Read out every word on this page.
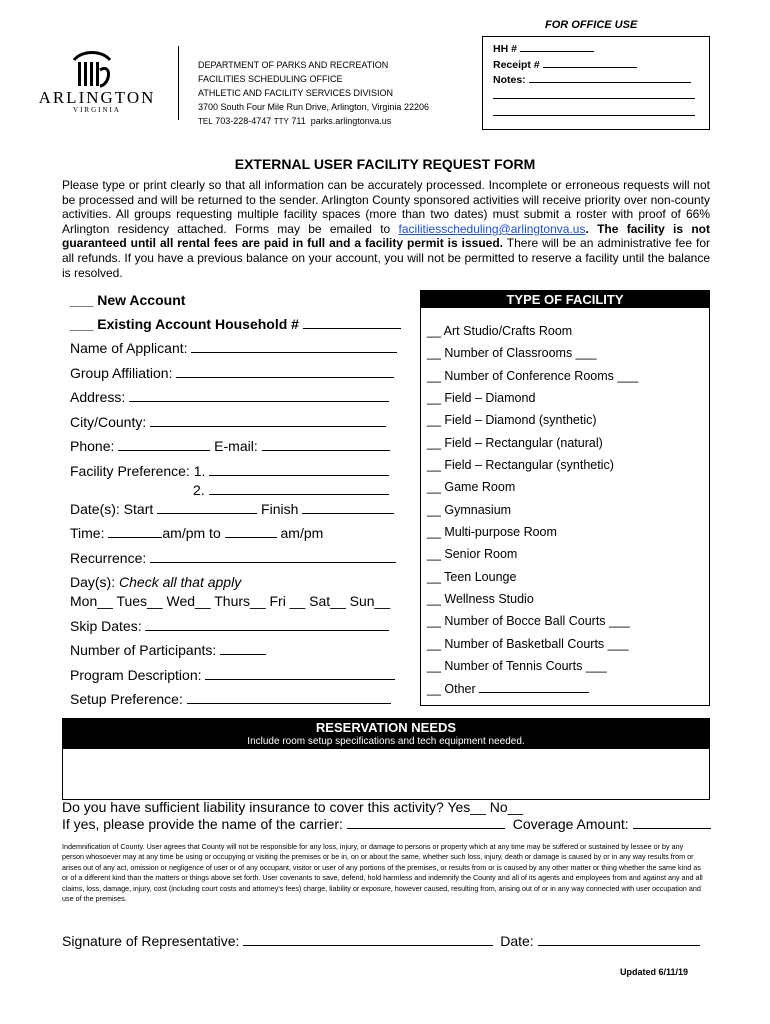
ARLINGTON
VIRGINIA
DEPARTMENT OF PARKS AND RECREATION
FACILITIES SCHEDULING OFFICE
ATHLETIC AND FACILITY SERVICES DIVISION
3700 South Four Mile Run Drive, Arlington, Virginia 22206
TEL 703-228-4747 TTY 711 parks.arlingtonva.us
FOR OFFICE USE
HH #
Receipt #
Notes:
EXTERNAL USER FACILITY REQUEST FORM
Please type or print clearly so that all information can be accurately processed. Incomplete or erroneous requests will not be processed and will be returned to the sender. Arlington County sponsored activities will receive priority over non-county activities. All groups requesting multiple facility spaces (more than two dates) must submit a roster with proof of 66% Arlington residency attached. Forms may be emailed to facilitiesscheduling@arlingtonva.us. The facility is not guaranteed until all rental fees are paid in full and a facility permit is issued. There will be an administrative fee for all refunds. If you have a previous balance on your account, you will not be permitted to reserve a facility until the balance is resolved.
___ New Account
___ Existing Account Household #
Name of Applicant:
Group Affiliation:
Address:
City/County:
Phone:	E-mail:
Facility Preference: 1.
2.
Date(s): Start	Finish
Time:	am/pm to	am/pm
Recurrence:
Day(s): Check all that apply
Mon__ Tues__ Wed__ Thurs__ Fri __ Sat__ Sun__
Skip Dates:
Number of Participants:
Program Description:
Setup Preference:
TYPE OF FACILITY
__ Art Studio/Crafts Room
__ Number of Classrooms ___
__ Number of Conference Rooms ___
__ Field – Diamond
__ Field – Diamond (synthetic)
__ Field – Rectangular (natural)
__ Field – Rectangular (synthetic)
__ Game Room
__ Gymnasium
__ Multi-purpose Room
__ Senior Room
__ Teen Lounge
__ Wellness Studio
__ Number of Bocce Ball Courts ___
__ Number of Basketball Courts ___
__ Number of Tennis Courts ___
__ Other
RESERVATION NEEDS
Include room setup specifications and tech equipment needed.
Do you have sufficient liability insurance to cover this activity? Yes__ No__
If yes, please provide the name of the carrier:	Coverage Amount:
Indemnification of County. User agrees that County will not be responsible for any loss, injury, or damage to persons or property which at any time may be suffered or sustained by lessee or by any person whosoever may at any time be using or occupying or visiting the premises or be in, on or about the same, whether such loss, injury, death or damage is caused by or in any way results from or arises out of any act, omission or negligence of user or of any occupant, visitor or user of any portions of the premises, or results from or is caused by any other matter or thing whether the same kind as or of a different kind than the matters or things above set forth. User covenants to save, defend, hold harmless and indemnify the County and all of its agents and employees from and against any and all claims, loss, damage, injury, cost (including court costs and attorney's fees) charge, liability or exposure, however caused, resulting from, arising out of or in any way connected with user occupation and use of the premises.
Signature of Representative:	Date:
Updated 6/11/19
